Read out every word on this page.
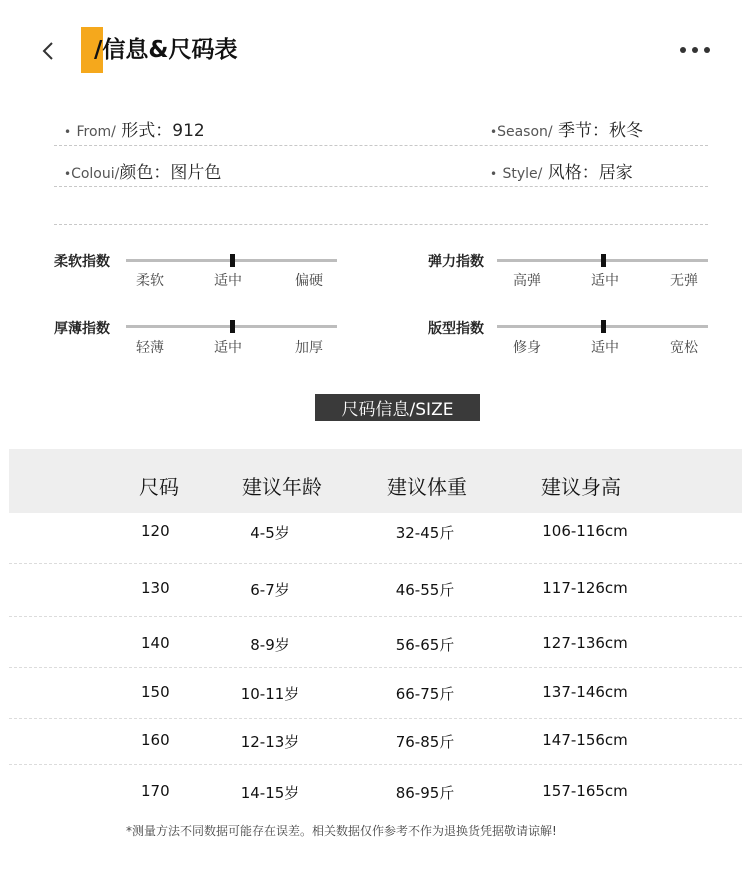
/信息&尺码表
• From/ 形式：912	•Season/ 季节：秋冬
•Coloui/颜色：图片色	• Style/ 风格：居家
柔软指数
柔软	适中	偏硬
弹力指数
高弹	适中	无弹
厚薄指数
轻薄	适中	加厚
版型指数
修身	适中	宽松
尺码信息/SIZE
尺码	建议年龄	建议体重	建议身高
120	4-5岁	32-45斤	106-116cm
130	6-7岁	46-55斤	117-126cm
140	8-9岁	56-65斤	127-136cm
150	10-11岁	66-75斤	137-146cm
160	12-13岁	76-85斤	147-156cm
170	14-15岁	86-95斤	157-165cm
*测量方法不同数据可能存在误差。相关数据仅作参考不作为退换货凭据敬请谅解!
